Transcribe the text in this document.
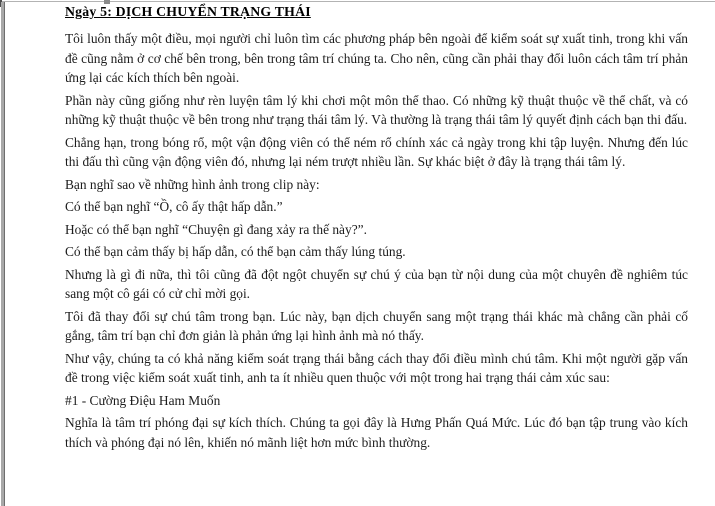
Ngày 5: DỊCH CHUYỂN TRẠNG THÁI

Tôi luôn thấy một điều, mọi người chỉ luôn tìm các phương pháp bên ngoài để kiểm soát sự xuất tinh, trong khi vấn đề cũng nằm ở cơ chế bên trong, bên trong tâm trí chúng ta. Cho nên, cũng cần phải thay đổi luôn cách tâm trí phản ứng lại các kích thích bên ngoài.

Phần này cũng giống như rèn luyện tâm lý khi chơi một môn thể thao. Có những kỹ thuật thuộc về thể chất, và có những kỹ thuật thuộc về bên trong như trạng thái tâm lý. Và thường là trạng thái tâm lý quyết định cách bạn thi đấu.

Chẳng hạn, trong bóng rổ, một vận động viên có thể ném rổ chính xác cả ngày trong khi tập luyện. Nhưng đến lúc thi đấu thì cũng vận động viên đó, nhưng lại ném trượt nhiều lần. Sự khác biệt ở đây là trạng thái tâm lý.

Bạn nghĩ sao về những hình ảnh trong clip này:

Có thể bạn nghĩ “Ồ, cô ấy thật hấp dẫn.”

Hoặc có thể bạn nghĩ “Chuyện gì đang xảy ra thế này?”.

Có thể bạn cảm thấy bị hấp dẫn, có thể bạn cảm thấy lúng túng.

Nhưng là gì đi nữa, thì tôi cũng đã đột ngột chuyển sự chú ý của bạn từ nội dung của một chuyên đề nghiêm túc sang một cô gái có cử chỉ mời gọi.

Tôi đã thay đổi sự chú tâm trong bạn. Lúc này, bạn dịch chuyển sang một trạng thái khác mà chẳng cần phải cố gắng, tâm trí bạn chỉ đơn giản là phản ứng lại hình ảnh mà nó thấy.

Như vậy, chúng ta có khả năng kiểm soát trạng thái bằng cách thay đổi điều mình chú tâm. Khi một người gặp vấn đề trong việc kiểm soát xuất tinh, anh ta ít nhiều quen thuộc với một trong hai trạng thái cảm xúc sau:

#1 - Cường Điệu Ham Muốn

Nghĩa là tâm trí phóng đại sự kích thích. Chúng ta gọi đây là Hưng Phấn Quá Mức. Lúc đó bạn tập trung vào kích thích và phóng đại nó lên, khiến nó mãnh liệt hơn mức bình thường.
